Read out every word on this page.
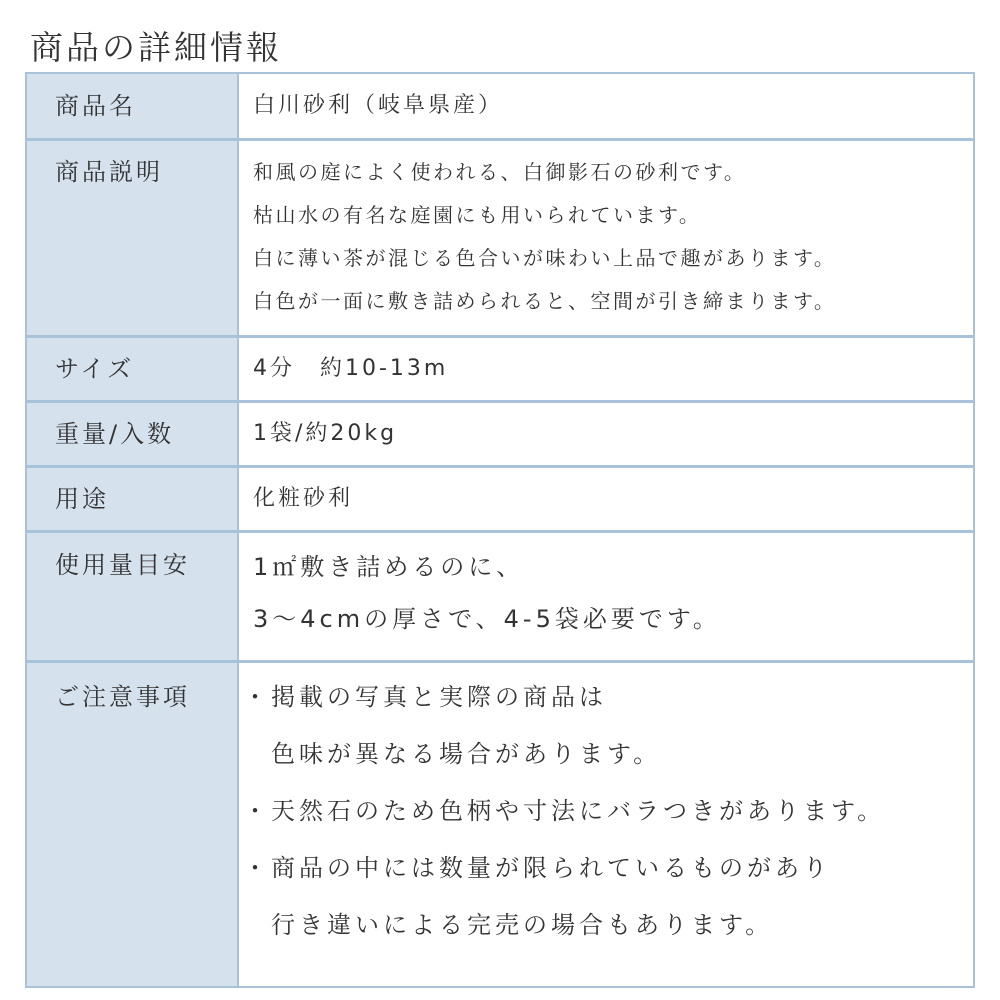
商品の詳細情報
商品名	白川砂利（岐阜県産）
商品説明	和風の庭によく使われる、白御影石の砂利です。
枯山水の有名な庭園にも用いられています。
白に薄い茶が混じる色合いが味わい上品で趣があります。
白色が一面に敷き詰められると、空間が引き締まります。
サイズ	4分　約10-13m
重量/入数	1袋/約20kg
用途	化粧砂利
使用量目安	1㎡敷き詰めるのに、
3～4cmの厚さで、4-5袋必要です。
ご注意事項	・掲載の写真と実際の商品は
　色味が異なる場合があります。
・天然石のため色柄や寸法にバラつきがあります。
・商品の中には数量が限られているものがあり
　行き違いによる完売の場合もあります。
